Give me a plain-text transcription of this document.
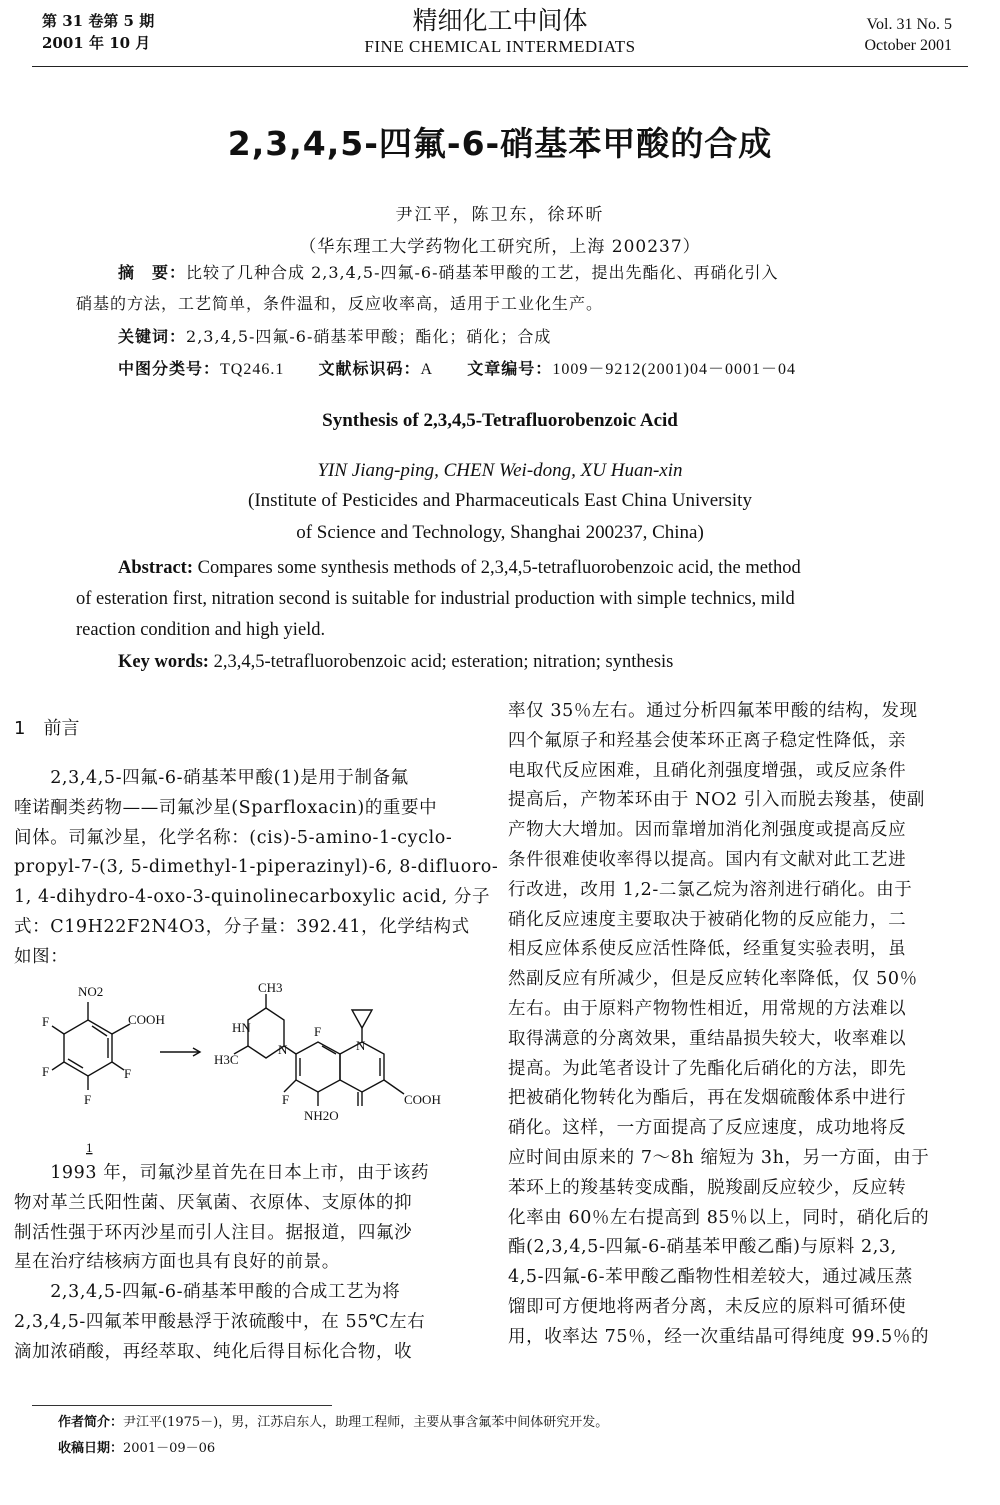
第 31 卷第 5 期
2001 年 10 月
精细化工中间体
FINE CHEMICAL INTERMEDIATS
Vol. 31 No. 5
October 2001
2,3,4,5-四氟-6-硝基苯甲酸的合成
尹江平，陈卫东，徐环昕
（华东理工大学药物化工研究所，上海 200237）
摘　要：比较了几种合成 2,3,4,5-四氟-6-硝基苯甲酸的工艺，提出先酯化、再硝化引入
硝基的方法，工艺简单，条件温和，反应收率高，适用于工业化生产。
关键词：2,3,4,5-四氟-6-硝基苯甲酸；酯化；硝化；合成
中图分类号：TQ246.1 文献标识码：A 文章编号：1009－9212(2001)04－0001－04
Synthesis of 2,3,4,5-Tetrafluorobenzoic Acid
YIN Jiang-ping, CHEN Wei-dong, XU Huan-xin
(Institute of Pesticides and Pharmaceuticals East China University
of Science and Technology, Shanghai 200237, China)
Abstract: Compares some synthesis methods of 2,3,4,5-tetrafluorobenzoic acid, the method
of esteration first, nitration second is suitable for industrial production with simple technics, mild
reaction condition and high yield.
Key words: 2,3,4,5-tetrafluorobenzoic acid; esteration; nitration; synthesis
1　前言
　　2,3,4,5-四氟-6-硝基苯甲酸(1)是用于制备氟
喹诺酮类药物——司氟沙星(Sparfloxacin)的重要中
间体。司氟沙星，化学名称：(cis)-5-amino-1-cyclo-
propyl-7-(3, 5-dimethyl-1-piperazinyl)-6, 8-difluoro-
1, 4-dihydro-4-oxo-3-quinolinecarboxylic acid, 分子
式：C19H22F2N4O3，分子量：392.41，化学结构式
如图：
NO2
COOH
F
F	F
F
CH3
HN
N
H3C
F
N
COOH
F
NH2O
1
　　1993 年，司氟沙星首先在日本上市，由于该药
物对革兰氏阳性菌、厌氧菌、衣原体、支原体的抑
制活性强于环丙沙星而引人注目。据报道，四氟沙
星在治疗结核病方面也具有良好的前景。
　　2,3,4,5-四氟-6-硝基苯甲酸的合成工艺为将
2,3,4,5-四氟苯甲酸悬浮于浓硫酸中，在 55℃左右
滴加浓硝酸，再经萃取、纯化后得目标化合物，收
率仅 35％左右。通过分析四氟苯甲酸的结构，发现
四个氟原子和羟基会使苯环正离子稳定性降低，亲
电取代反应困难，且硝化剂强度增强，或反应条件
提高后，产物苯环由于 NO2 引入而脱去羧基，使副
产物大大增加。因而靠增加消化剂强度或提高反应
条件很难使收率得以提高。国内有文献对此工艺进
行改进，改用 1,2-二氯乙烷为溶剂进行硝化。由于
硝化反应速度主要取决于被硝化物的反应能力，二
相反应体系使反应活性降低，经重复实验表明，虽
然副反应有所减少，但是反应转化率降低，仅 50％
左右。由于原料产物物性相近，用常规的方法难以
取得满意的分离效果，重结晶损失较大，收率难以
提高。为此笔者设计了先酯化后硝化的方法，即先
把被硝化物转化为酯后，再在发烟硫酸体系中进行
硝化。这样，一方面提高了反应速度，成功地将反
应时间由原来的 7～8h 缩短为 3h，另一方面，由于
苯环上的羧基转变成酯，脱羧副反应较少，反应转
化率由 60％左右提高到 85％以上，同时，硝化后的
酯(2,3,4,5-四氟-6-硝基苯甲酸乙酯)与原料 2,3,
4,5-四氟-6-苯甲酸乙酯物性相差较大，通过减压蒸
馏即可方便地将两者分离，未反应的原料可循环使
用，收率达 75％，经一次重结晶可得纯度 99.5％的
作者简介：尹江平(1975－)，男，江苏启东人，助理工程师，主要从事含氟苯中间体研究开发。
收稿日期：2001－09－06
